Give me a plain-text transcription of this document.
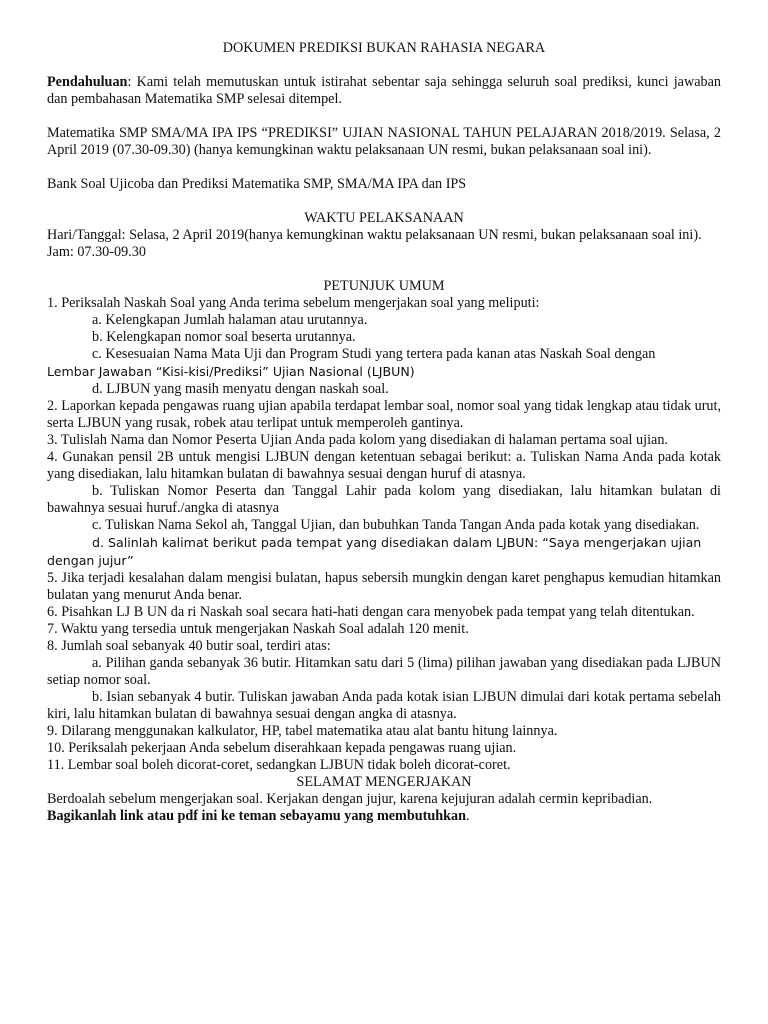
DOKUMEN PREDIKSI BUKAN RAHASIA NEGARA

Pendahuluan: Kami telah memutuskan untuk istirahat sebentar saja sehingga seluruh soal prediksi, kunci jawaban dan pembahasan Matematika SMP selesai ditempel.

Matematika SMP SMA/MA IPA IPS “PREDIKSI” UJIAN NASIONAL TAHUN PELAJARAN 2018/2019. Selasa, 2 April 2019 (07.30-09.30) (hanya kemungkinan waktu pelaksanaan UN resmi, bukan pelaksanaan soal ini).

Bank Soal Ujicoba dan Prediksi Matematika SMP, SMA/MA IPA dan IPS

WAKTU PELAKSANAAN

Hari/Tanggal: Selasa, 2 April 2019(hanya kemungkinan waktu pelaksanaan UN resmi, bukan pelaksanaan soal ini).

Jam: 07.30-09.30

PETUNJUK UMUM

1. Periksalah Naskah Soal yang Anda terima sebelum mengerjakan soal yang meliputi:

a. Kelengkapan Jumlah halaman atau urutannya.

b. Kelengkapan nomor soal beserta urutannya.

c. Kesesuaian Nama Mata Uji dan Program Studi yang tertera pada kanan atas Naskah Soal dengan

Lembar Jawaban “Kisi-kisi/Prediksi” Ujian Nasional (LJBUN)

d. LJBUN yang masih menyatu dengan naskah soal.

2. Laporkan kepada pengawas ruang ujian apabila terdapat lembar soal, nomor soal yang tidak lengkap atau tidak urut, serta LJBUN yang rusak, robek atau terlipat untuk memperoleh gantinya.

3. Tulislah Nama dan Nomor Peserta Ujian Anda pada kolom yang disediakan di halaman pertama soal ujian.

4. Gunakan pensil 2B untuk mengisi LJBUN dengan ketentuan sebagai berikut: a. Tuliskan Nama Anda pada kotak yang disediakan, lalu hitamkan bulatan di bawahnya sesuai dengan huruf di atasnya.

b. Tuliskan Nomor Peserta dan Tanggal Lahir pada kolom yang disediakan, lalu hitamkan bulatan di bawahnya sesuai huruf./angka di atasnya

c. Tuliskan Nama Sekol ah, Tanggal Ujian, dan bubuhkan Tanda Tangan Anda pada kotak yang disediakan.

d. Salinlah kalimat berikut pada tempat yang disediakan dalam LJBUN: “Saya mengerjakan ujian

dengan jujur”

5. Jika terjadi kesalahan dalam mengisi bulatan, hapus sebersih mungkin dengan karet penghapus kemudian hitamkan bulatan yang menurut Anda benar.

6. Pisahkan LJ B UN da ri Naskah soal secara hati-hati dengan cara menyobek pada tempat yang telah ditentukan.

7. Waktu yang tersedia untuk mengerjakan Naskah Soal adalah 120 menit.

8. Jumlah soal sebanyak 40 butir soal, terdiri atas:

a. Pilihan ganda sebanyak 36 butir. Hitamkan satu dari 5 (lima) pilihan jawaban yang disediakan pada LJBUN setiap nomor soal.

b. Isian sebanyak 4 butir. Tuliskan jawaban Anda pada kotak isian LJBUN dimulai dari kotak pertama sebelah kiri, lalu hitamkan bulatan di bawahnya sesuai dengan angka di atasnya.

9. Dilarang menggunakan kalkulator, HP, tabel matematika atau alat bantu hitung lainnya.

10. Periksalah pekerjaan Anda sebelum diserahkaan kepada pengawas ruang ujian.

11. Lembar soal boleh dicorat-coret, sedangkan LJBUN tidak boleh dicorat-coret.

SELAMAT MENGERJAKAN

Berdoalah sebelum mengerjakan soal. Kerjakan dengan jujur, karena kejujuran adalah cermin kepribadian.

Bagikanlah link atau pdf ini ke teman sebayamu yang membutuhkan.
